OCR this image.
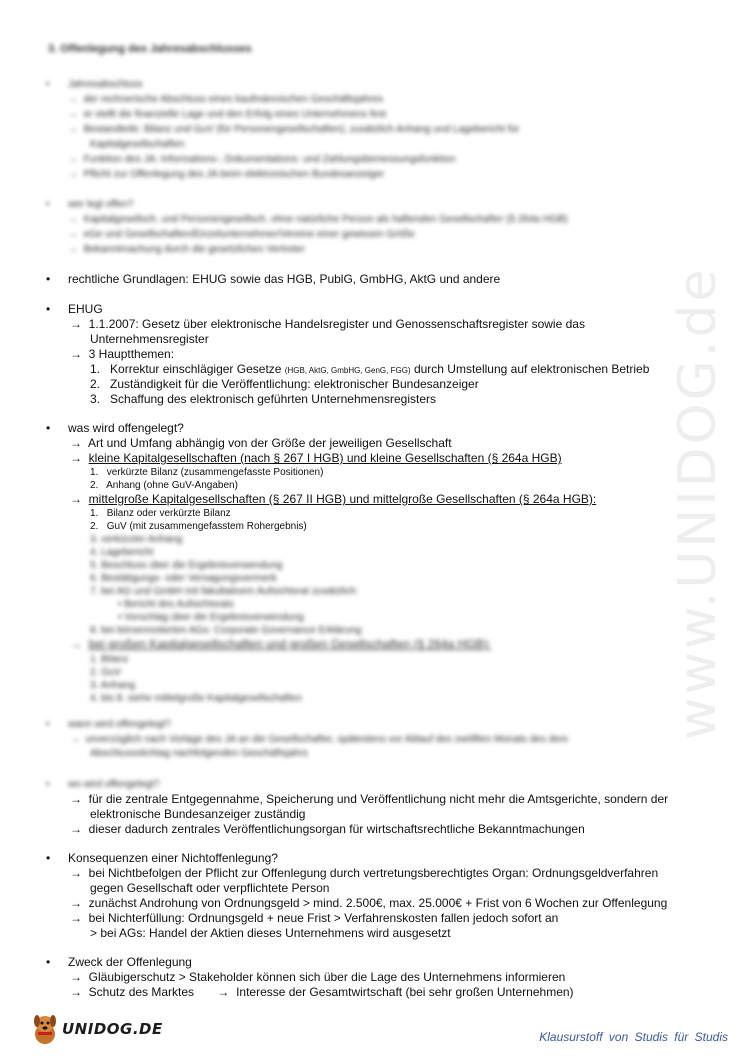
www.UNIDOG.de
3. Offenlegung des Jahresabschlusses
• Jahresabschluss
→ der rechnerische Abschluss eines kaufmännischen Geschäftsjahres
→ er stellt die finanzielle Lage und den Erfolg eines Unternehmens fest
→ Bestandteile: Bilanz und GuV (für Personengesellschaften), zusätzlich Anhang und Lagebericht für
Kapitalgesellschaften
→ Funktion des JA: Informations-, Dokumentations- und Zahlungsbemessungsfunktion
→ Pflicht zur Offenlegung des JA beim elektronischen Bundesanzeiger
• wer legt offen?
→ Kapitalgesellsch. und Personengesellsch. ohne natürliche Person als haftenden Gesellschafter (§ 264a HGB)
→ eGe und Gesellschaften/Einzelunternehmer/Vereine einer gewissen Größe
→ Bekanntmachung durch die gesetzlichen Vertreter
• rechtliche Grundlagen: EHUG sowie das HGB, PublG, GmbHG, AktG und andere
• EHUG
→ 1.1.2007: Gesetz über elektronische Handelsregister und Genossenschaftsregister sowie das
Unternehmensregister
→ 3 Hauptthemen:
1. Korrektur einschlägiger Gesetze (HGB, AktG, GmbHG, GenG, FGG) durch Umstellung auf elektronischen Betrieb
2. Zuständigkeit für die Veröffentlichung: elektronischer Bundesanzeiger
3. Schaffung des elektronisch geführten Unternehmensregisters
• was wird offengelegt?
→ Art und Umfang abhängig von der Größe der jeweiligen Gesellschaft
→ kleine Kapitalgesellschaften (nach § 267 I HGB) und kleine Gesellschaften (§ 264a HGB)
1. verkürzte Bilanz (zusammengefasste Positionen)
2. Anhang (ohne GuV-Angaben)
→ mittelgroße Kapitalgesellschaften (§ 267 II HGB) und mittelgroße Gesellschaften (§ 264a HGB):
1. Bilanz oder verkürzte Bilanz
2. GuV (mit zusammengefasstem Rohergebnis)
3. verkürzter Anhang
4. Lagebericht
5. Beschluss über die Ergebnisverwendung
6. Bestätigungs- oder Versagungsvermerk
7. bei AG und GmbH mit fakultativem Aufsichtsrat zusätzlich:
• Bericht des Aufsichtsrats
• Vorschlag über die Ergebnisverwendung
8. bei börsennotierten AGs: Corporate Governance Erklärung
→ bei großen Kapitalgesellschaften und großen Gesellschaften (§ 264a HGB):
1. Bilanz
2. GuV
3. Anhang
4. bis 8. siehe mittelgroße Kapitalgesellschaften
• wann wird offengelegt?
→ unverzüglich nach Vorlage des JA an die Gesellschafter, spätestens vor Ablauf des zwölften Monats des dem
Abschlussstichtag nachfolgenden Geschäftsjahrs
• wo wird offengelegt?
→ für die zentrale Entgegennahme, Speicherung und Veröffentlichung nicht mehr die Amtsgerichte, sondern der
elektronische Bundesanzeiger zuständig
→ dieser dadurch zentrales Veröffentlichungsorgan für wirtschaftsrechtliche Bekanntmachungen
• Konsequenzen einer Nichtoffenlegung?
→ bei Nichtbefolgen der Pflicht zur Offenlegung durch vertretungsberechtigtes Organ: Ordnungsgeldverfahren
gegen Gesellschaft oder verpflichtete Person
→ zunächst Androhung von Ordnungsgeld > mind. 2.500€, max. 25.000€ + Frist von 6 Wochen zur Offenlegung
→ bei Nichterfüllung: Ordnungsgeld + neue Frist > Verfahrenskosten fallen jedoch sofort an
> bei AGs: Handel der Aktien dieses Unternehmens wird ausgesetzt
• Zweck der Offenlegung
→ Gläubigerschutz > Stakeholder können sich über die Lage des Unternehmens informieren
→ Schutz des Marktes → Interesse der Gesamtwirtschaft (bei sehr großen Unternehmen)
UNIDOG.DE	Klausurstoff von Studis für Studis
